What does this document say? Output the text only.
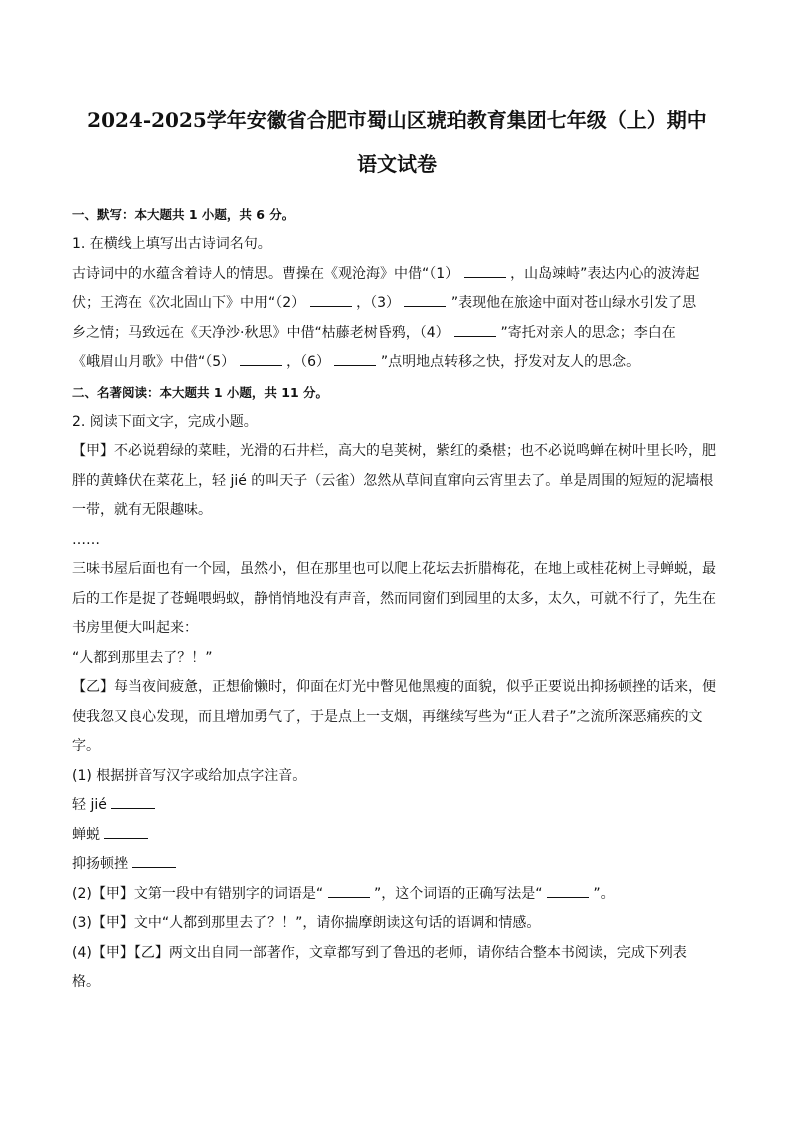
2024-2025学年安徽省合肥市蜀山区琥珀教育集团七年级（上）期中
语文试卷
一、默写：本大题共 1 小题，共 6 分。

1. 在横线上填写出古诗词名句。

古诗词中的水蕴含着诗人的情思。曹操在《观沧海》中借“（1）	，山岛竦峙”表达内心的波涛起

伏；王湾在《次北固山下》中用“（2）	，（3）	”表现他在旅途中面对苍山绿水引发了思

乡之情；马致远在《天净沙·秋思》中借“枯藤老树昏鸦，（4）	”寄托对亲人的思念；李白在

《峨眉山月歌》中借“（5）	，（6）	”点明地点转移之快，抒发对友人的思念。

二、名著阅读：本大题共 1 小题，共 11 分。

2. 阅读下面文字，完成小题。

【甲】不必说碧绿的菜畦，光滑的石井栏，高大的皂荚树，紫红的桑椹；也不必说鸣蝉在树叶里长吟，肥

胖的黄蜂伏在菜花上，轻 jié 的叫天子（云雀）忽然从草间直窜向云宵里去了。单是周围的短短的泥墙根

一带，就有无限趣味。

……

三味书屋后面也有一个园，虽然小，但在那里也可以爬上花坛去折腊梅花，在地上或桂花树上寻蝉蜕，最

后的工作是捉了苍蝇喂蚂蚁，静悄悄地没有声音，然而同窗们到园里的太多，太久，可就不行了，先生在

书房里便大叫起来：

“人都到那里去了？！”

【乙】每当夜间疲惫，正想偷懒时，仰面在灯光中瞥见他黑瘦的面貌，似乎正要说出抑扬顿挫的话来，便

使我忽又良心发现，而且增加勇气了，于是点上一支烟，再继续写些为“正人君子”之流所深恶痛疾的文

字。

(1) 根据拼音写汉字或给加点字注音。

轻 jié

蝉蜕

抑扬顿挫

(2)【甲】文第一段中有错别字的词语是“	”，这个词语的正确写法是“	”。

(3)【甲】文中“人都到那里去了？！”，请你揣摩朗读这句话的语调和情感。

(4)【甲】【乙】两文出自同一部著作，文章都写到了鲁迅的老师，请你结合整本书阅读，完成下列表

格。
